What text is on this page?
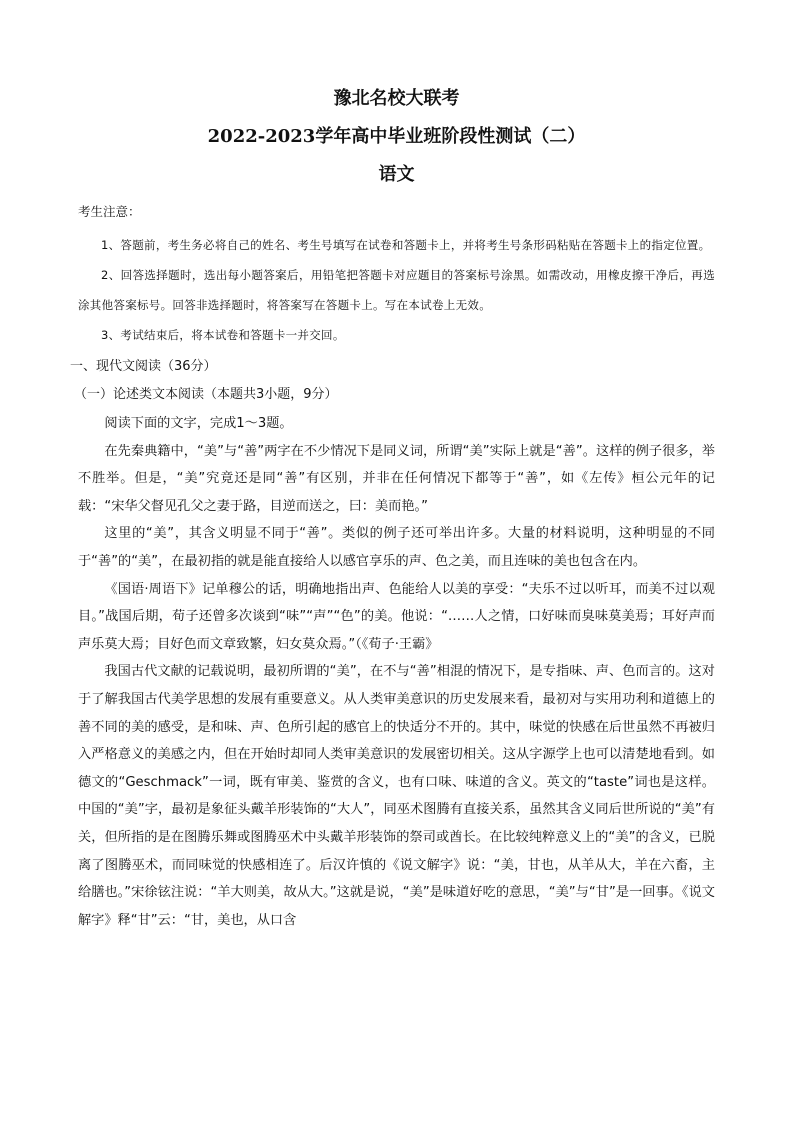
豫北名校大联考
2022-2023学年高中毕业班阶段性测试（二）
语文
考生注意：

1、答题前，考生务必将自己的姓名、考生号填写在试卷和答题卡上，并将考生号条形码粘贴在答题卡上的指定位置。

2、回答选择题时，选出每小题答案后，用铅笔把答题卡对应题目的答案标号涂黑。如需改动，用橡皮擦干净后，再选涂其他答案标号。回答非选择题时，将答案写在答题卡上。写在本试卷上无效。

3、考试结束后，将本试卷和答题卡一并交回。

一、现代文阅读（36分）
（一）论述类文本阅读（本题共3小题，9分）

阅读下面的文字，完成1～3题。

在先秦典籍中，“美”与“善”两字在不少情况下是同义词，所谓“美”实际上就是“善”。这样的例子很多，举不胜举。但是，“美”究竟还是同“善”有区别，并非在任何情况下都等于“善”，如《左传》桓公元年的记载：“宋华父督见孔父之妻于路，目逆而送之，曰：美而艳。”

这里的“美”，其含义明显不同于“善”。类似的例子还可举出许多。大量的材料说明，这种明显的不同于“善”的“美”，在最初指的就是能直接给人以感官享乐的声、色之美，而且连味的美也包含在内。

《国语·周语下》记单穆公的话，明确地指出声、色能给人以美的享受：“夫乐不过以听耳，而美不过以观目。”战国后期，荀子还曾多次谈到“味”“声”“色”的美。他说：“……人之情，口好味而臭味莫美焉；耳好声而声乐莫大焉；目好色而文章致繁，妇女莫众焉。”（《荀子·王霸》

我国古代文献的记载说明，最初所谓的“美”，在不与“善”相混的情况下，是专指味、声、色而言的。这对于了解我国古代美学思想的发展有重要意义。从人类审美意识的历史发展来看，最初对与实用功利和道德上的善不同的美的感受，是和味、声、色所引起的感官上的快适分不开的。其中，味觉的快感在后世虽然不再被归入严格意义的美感之内，但在开始时却同人类审美意识的发展密切相关。这从字源学上也可以清楚地看到。如德文的“Geschmack”一词，既有审美、鉴赏的含义，也有口味、味道的含义。英文的“taste”词也是这样。中国的“美”字，最初是象征头戴羊形装饰的“大人”，同巫术图腾有直接关系，虽然其含义同后世所说的“美”有关，但所指的是在图腾乐舞或图腾巫术中头戴羊形装饰的祭司或酋长。在比较纯粹意义上的“美”的含义，已脱离了图腾巫术，而同味觉的快感相连了。后汉许慎的《说文解字》说：“美，甘也，从羊从大，羊在六畜，主给膳也。”宋徐铉注说：“羊大则美，故从大。”这就是说，“美”是味道好吃的意思，“美”与“甘”是一回事。《说文解字》释“甘”云：“甘，美也，从口含
